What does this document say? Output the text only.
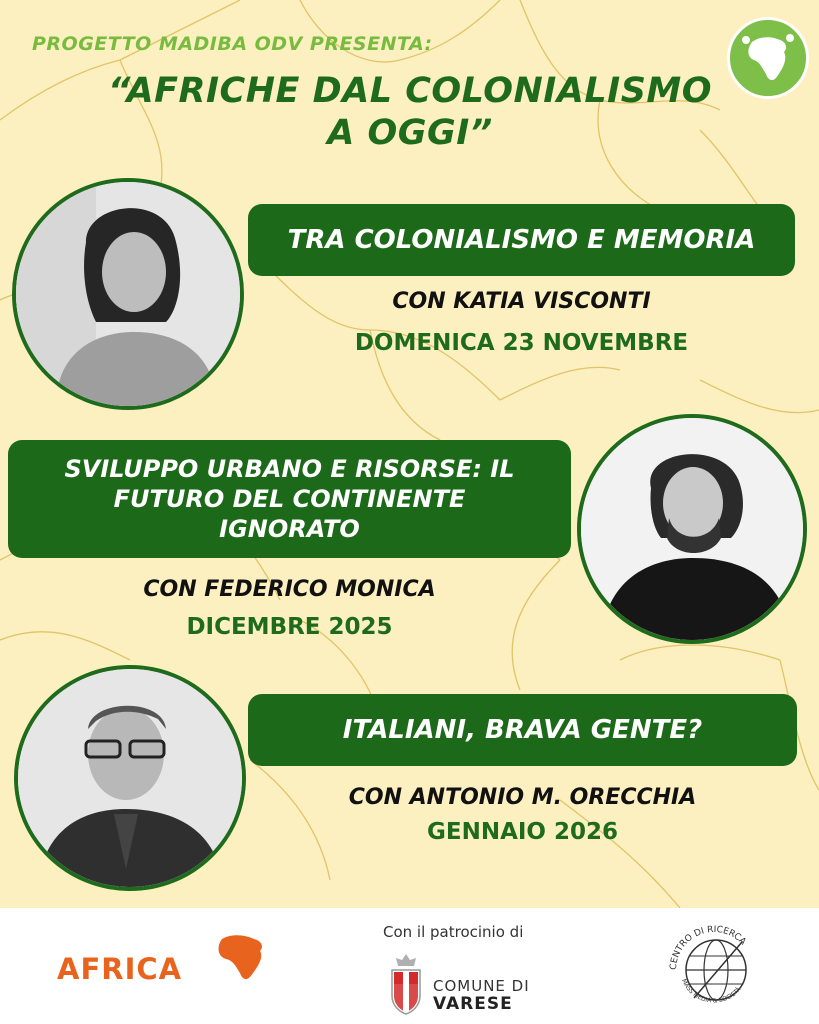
PROGETTO MADIBA ODV PRESENTA:
“AFRICHE DAL COLONIALISMO
A OGGI”
TRA COLONIALISMO E MEMORIA
CON KATIA VISCONTI
DOMENICA 23 NOVEMBRE
SVILUPPO URBANO E RISORSE: IL
FUTURO DEL CONTINENTE
IGNORATO
CON FEDERICO MONICA
DICEMBRE 2025
ITALIANI, BRAVA GENTE?
CON ANTONIO M. ORECCHIA
GENNAIO 2026
AFRICA
Con il patrocinio di
COMUNE DI
VARESE
CENTRO DI RICERCA
MASS MEDIA & SOCIETÀ
